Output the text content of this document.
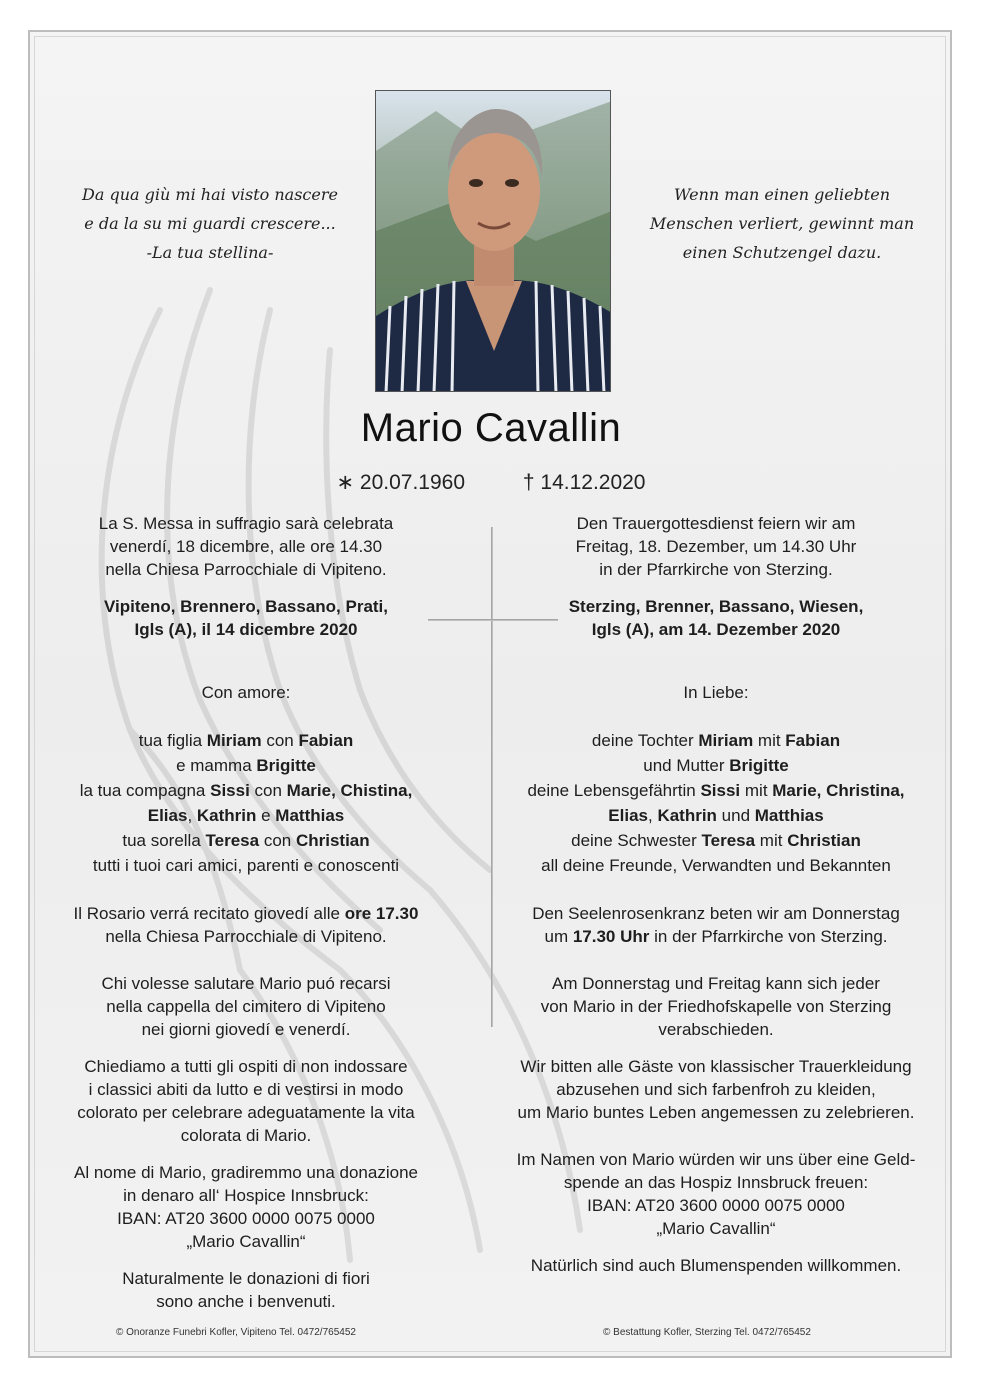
Da qua giù mi hai visto nascere
e da la su mi guardi crescere...
-La tua stellina-
Wenn man einen geliebten
Menschen verliert, gewinnt man
einen Schutzengel dazu.
Mario Cavallin
∗ 20.07.1960	† 14.12.2020

La S. Messa in suffragio sarà celebrata
venerdí, 18 dicembre, alle ore 14.30
nella Chiesa Parrocchiale di Vipiteno.

Vipiteno, Brennero, Bassano, Prati,
Igls (A), il 14 dicembre 2020

Con amore:

tua figlia Miriam con Fabian
e mamma Brigitte
la tua compagna Sissi con Marie, Chistina,
Elias, Kathrin e Matthias
tua sorella Teresa con Christian
tutti i tuoi cari amici, parenti e conoscenti

Il Rosario verrá recitato giovedí alle ore 17.30
nella Chiesa Parrocchiale di Vipiteno.

Chi volesse salutare Mario puó recarsi
nella cappella del cimitero di Vipiteno
nei giorni giovedí e venerdí.

Chiediamo a tutti gli ospiti di non indossare
i classici abiti da lutto e di vestirsi in modo
colorato per celebrare adeguatamente la vita
colorata di Mario.

Al nome di Mario, gradiremmo una donazione
in denaro all‘ Hospice Innsbruck:
IBAN: AT20 3600 0000 0075 0000
„Mario Cavallin“

Naturalmente le donazioni di fiori
sono anche i benvenuti.

Den Trauergottesdienst feiern wir am
Freitag, 18. Dezember, um 14.30 Uhr
in der Pfarrkirche von Sterzing.

Sterzing, Brenner, Bassano, Wiesen,
Igls (A), am 14. Dezember 2020

In Liebe:

deine Tochter Miriam mit Fabian
und Mutter Brigitte
deine Lebensgefährtin Sissi mit Marie, Christina,
Elias, Kathrin und Matthias
deine Schwester Teresa mit Christian
all deine Freunde, Verwandten und Bekannten

Den Seelenrosenkranz beten wir am Donnerstag
um 17.30 Uhr in der Pfarrkirche von Sterzing.

Am Donnerstag und Freitag kann sich jeder
von Mario in der Friedhofskapelle von Sterzing
verabschieden.

Wir bitten alle Gäste von klassischer Trauerkleidung
abzusehen und sich farbenfroh zu kleiden,
um Mario buntes Leben angemessen zu zelebrieren.

Im Namen von Mario würden wir uns über eine Geld-
spende an das Hospiz Innsbruck freuen:
IBAN: AT20 3600 0000 0075 0000
„Mario Cavallin“

Natürlich sind auch Blumenspenden willkommen.

© Onoranze Funebri Kofler, Vipiteno Tel. 0472/765452	© Bestattung Kofler, Sterzing Tel. 0472/765452
